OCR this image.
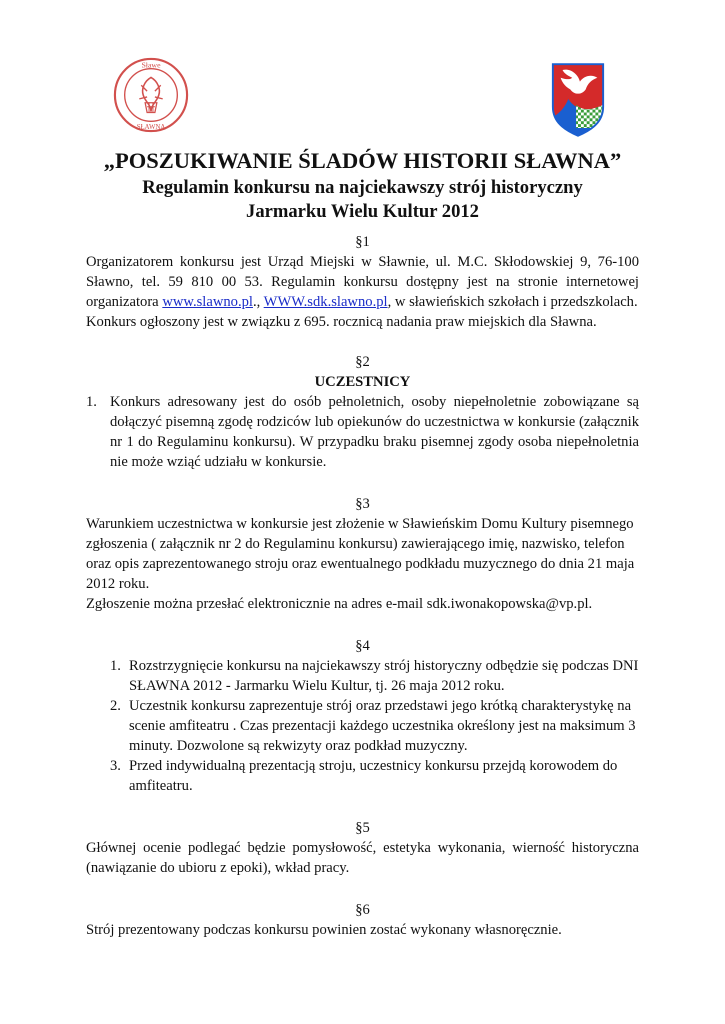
Sławe
SŁAWNA
„POSZUKIWANIE ŚLADÓW HISTORII SŁAWNA”
Regulamin konkursu na najciekawszy strój historyczny
Jarmarku Wielu Kultur 2012
§1

Organizatorem konkursu jest Urząd Miejski w Sławnie, ul. M.C. Skłodowskiej 9, 76-100 Sławno, tel. 59 810 00 53. Regulamin konkursu dostępny jest na stronie internetowej organizatora www.slawno.pl., WWW.sdk.slawno.pl, w sławieńskich szkołach i przedszkolach.

Konkurs ogłoszony jest w związku z 695. rocznicą nadania praw miejskich dla Sławna.

§2
UCZESTNICY
1. Konkurs adresowany jest do osób pełnoletnich, osoby niepełnoletnie zobowiązane są dołączyć pisemną zgodę rodziców lub opiekunów do uczestnictwa w konkursie (załącznik nr 1 do Regulaminu konkursu). W przypadku braku pisemnej zgody osoba niepełnoletnia nie może wziąć udziału w konkursie.
§3

Warunkiem uczestnictwa w konkursie jest złożenie w Sławieńskim Domu Kultury pisemnego zgłoszenia ( załącznik nr 2 do Regulaminu konkursu) zawierającego imię, nazwisko, telefon oraz opis zaprezentowanego stroju oraz ewentualnego podkładu muzycznego do dnia 21 maja 2012 roku.

Zgłoszenie można przesłać elektronicznie na adres e-mail sdk.iwonakopowska@vp.pl.

§4
1. Rozstrzygnięcie konkursu na najciekawszy strój historyczny odbędzie się podczas DNI SŁAWNA 2012 - Jarmarku Wielu Kultur, tj. 26 maja 2012 roku.
2. Uczestnik konkursu zaprezentuje strój oraz przedstawi jego krótką charakterystykę na scenie amfiteatru . Czas prezentacji każdego uczestnika określony jest na maksimum 3 minuty. Dozwolone są rekwizyty oraz podkład muzyczny.
3. Przed indywidualną prezentacją stroju, uczestnicy konkursu przejdą korowodem do amfiteatru.
§5

Głównej ocenie podlegać będzie pomysłowość, estetyka wykonania, wierność historyczna (nawiązanie do ubioru z epoki), wkład pracy.

§6

Strój prezentowany podczas konkursu powinien zostać wykonany własnoręcznie.
